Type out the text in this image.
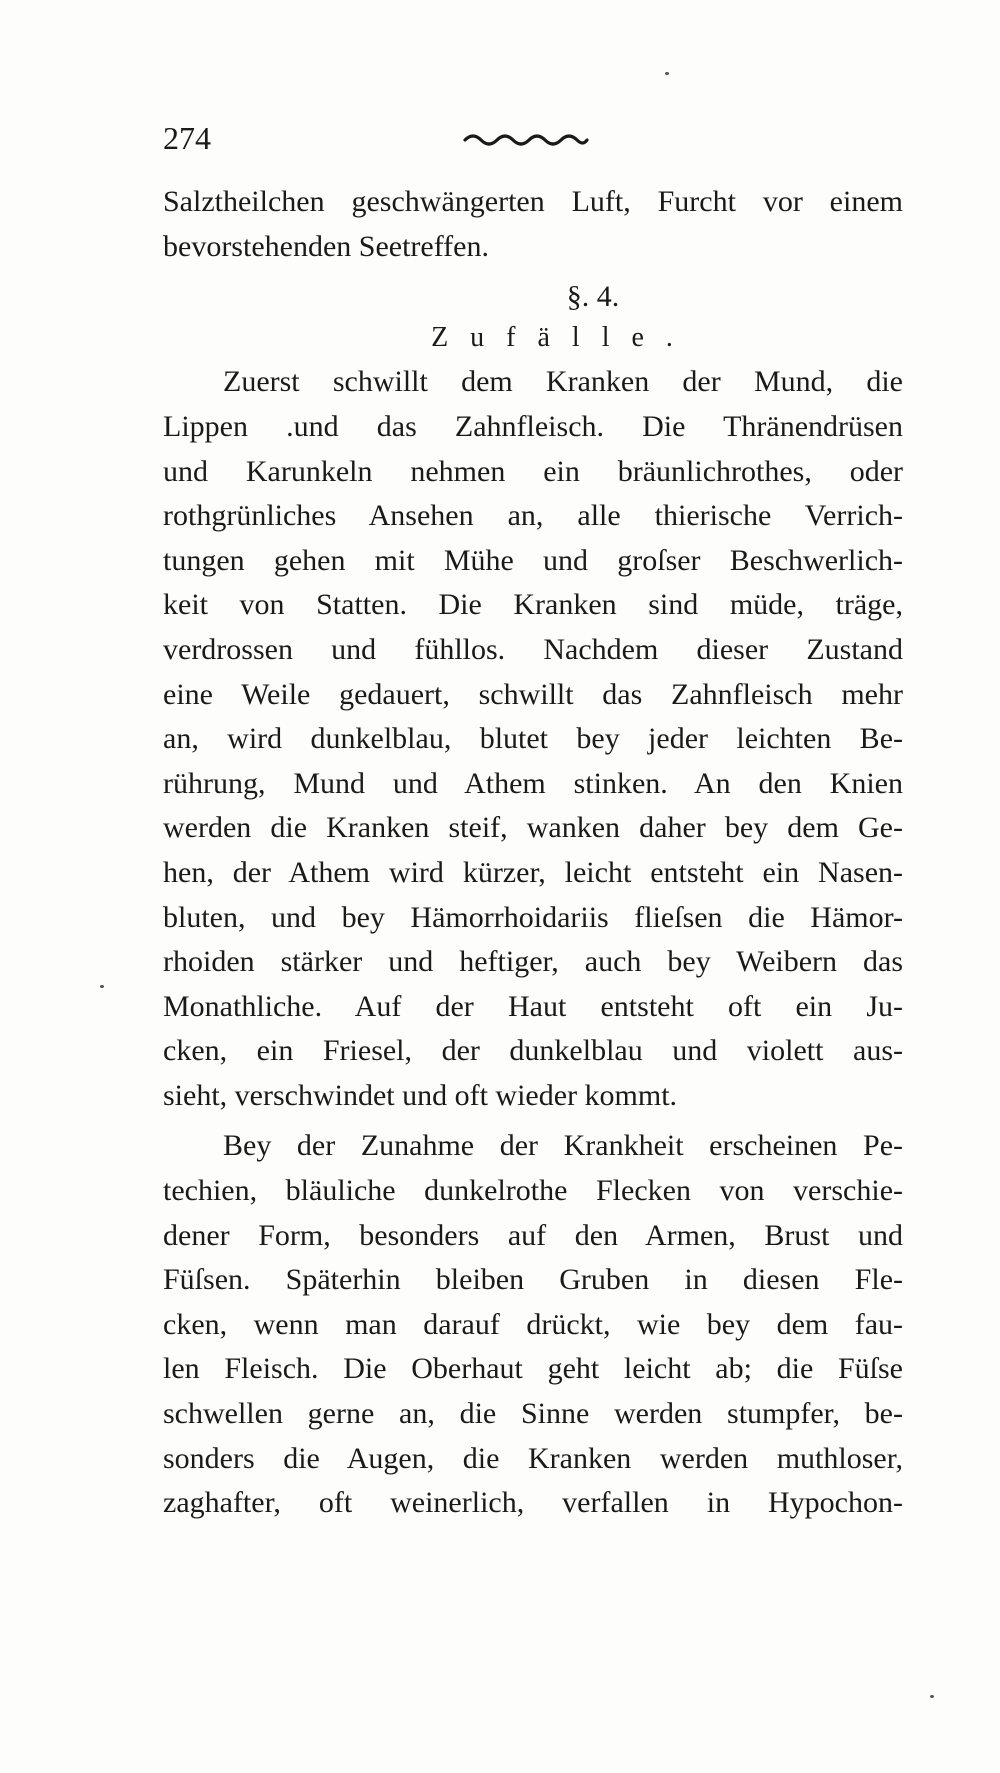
274
Salztheilchen geschwängerten Luft, Furcht vor einem
bevorstehenden Seetreffen.
§. 4.
Zufälle.
Zuerst schwillt dem Kranken der Mund, die
Lippen .und das Zahnfleisch. Die Thränendrüsen
und Karunkeln nehmen ein bräunlichrothes, oder
rothgrünliches Ansehen an, alle thierische Verrich-
tungen gehen mit Mühe und groſser Beschwerlich-
keit von Statten. Die Kranken sind müde, träge,
verdrossen und fühllos. Nachdem dieser Zustand
eine Weile gedauert, schwillt das Zahnfleisch mehr
an, wird dunkelblau, blutet bey jeder leichten Be-
rührung, Mund und Athem stinken. An den Knien
werden die Kranken steif, wanken daher bey dem Ge-
hen, der Athem wird kürzer, leicht entsteht ein Nasen-
bluten, und bey Hämorrhoidariis flieſsen die Hämor-
rhoiden stärker und heftiger, auch bey Weibern das
Monathliche. Auf der Haut entsteht oft ein Ju-
cken, ein Friesel, der dunkelblau und violett aus-
sieht, verschwindet und oft wieder kommt.
Bey der Zunahme der Krankheit erscheinen Pe-
techien, bläuliche dunkelrothe Flecken von verschie-
dener Form, besonders auf den Armen, Brust und
Füſsen. Späterhin bleiben Gruben in diesen Fle-
cken, wenn man darauf drückt, wie bey dem fau-
len Fleisch. Die Oberhaut geht leicht ab; die Füſse
schwellen gerne an, die Sinne werden stumpfer, be-
sonders die Augen, die Kranken werden muthloser,
zaghafter, oft weinerlich, verfallen in Hypochon-
